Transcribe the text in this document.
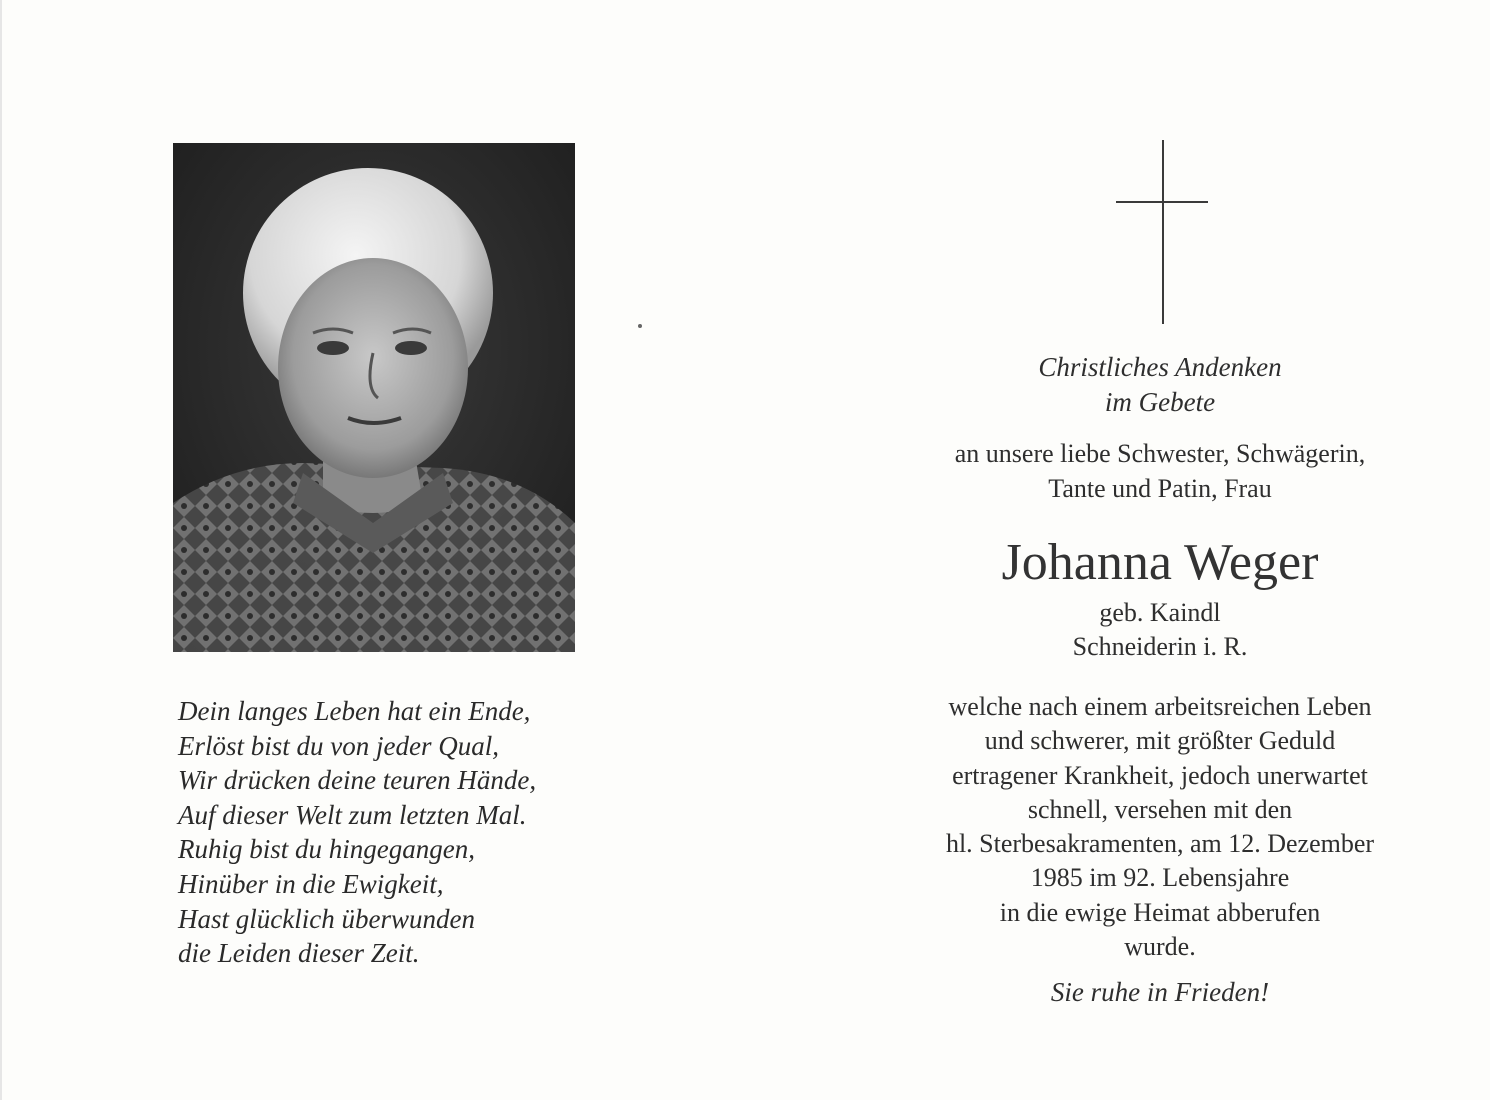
Dein langes Leben hat ein Ende,
Erlöst bist du von jeder Qual,
Wir drücken deine teuren Hände,
Auf dieser Welt zum letzten Mal.
Ruhig bist du hingegangen,
Hinüber in die Ewigkeit,
Hast glücklich überwunden
die Leiden dieser Zeit.
Christliches Andenken
im Gebete
an unsere liebe Schwester, Schwägerin,
Tante und Patin, Frau
Johanna Weger
geb. Kaindl
Schneiderin i. R.
welche nach einem arbeitsreichen Leben
und schwerer, mit größter Geduld
ertragener Krankheit, jedoch unerwartet
schnell, versehen mit den
hl. Sterbesakramenten, am 12. Dezember
1985 im 92. Lebensjahre
in die ewige Heimat abberufen
wurde.
Sie ruhe in Frieden!
